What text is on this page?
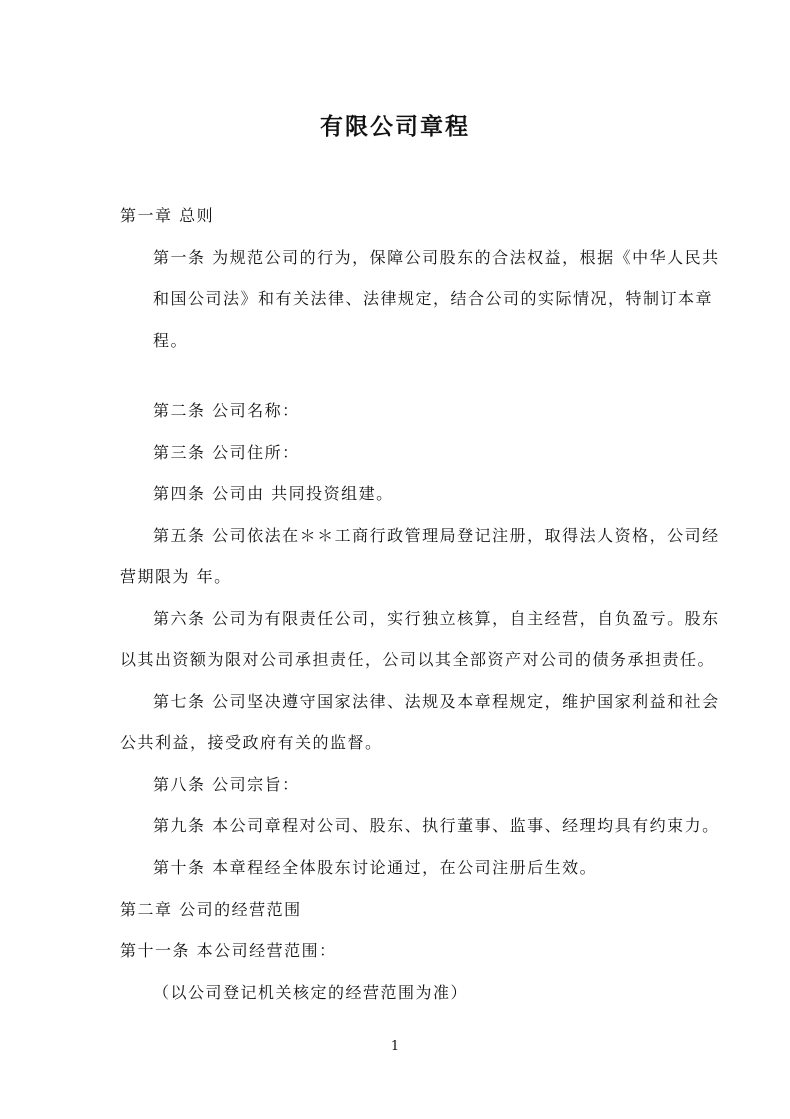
有限公司章程
第一章 总则
第一条 为规范公司的行为，保障公司股东的合法权益，根据《中华人民共
和国公司法》和有关法律、法律规定，结合公司的实际情况，特制订本章
程。
第二条 公司名称：
第三条 公司住所：
第四条 公司由 共同投资组建。
第五条 公司依法在＊＊工商行政管理局登记注册，取得法人资格，公司经
营期限为 年。
第六条 公司为有限责任公司，实行独立核算，自主经营，自负盈亏。股东
以其出资额为限对公司承担责任，公司以其全部资产对公司的债务承担责任。
第七条 公司坚决遵守国家法律、法规及本章程规定，维护国家利益和社会
公共利益，接受政府有关的监督。
第八条 公司宗旨：
第九条 本公司章程对公司、股东、执行董事、监事、经理均具有约束力。
第十条 本章程经全体股东讨论通过，在公司注册后生效。
第二章 公司的经营范围
第十一条 本公司经营范围：
（以公司登记机关核定的经营范围为准）
1
